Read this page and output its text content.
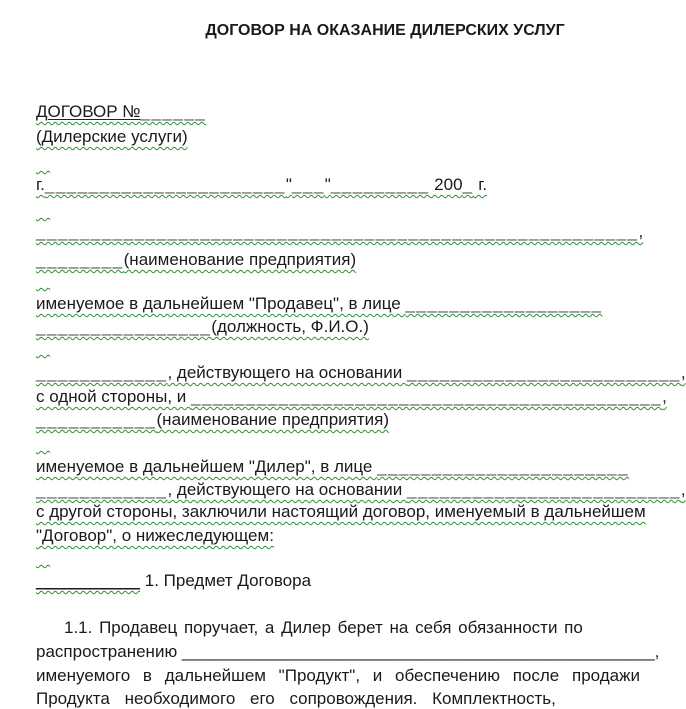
ДОГОВОР НА ОКАЗАНИЕ ДИЛЕРСКИХ УСЛУГ

ДОГОВОР №______

(Дилерские услуги)

г.______________________"___"_________ 200_ г.

_______________________________________________________,

________(наименование предприятия)

именуемое в дальнейшем "Продавец", в лице __________________

________________(должность, Ф.И.О.)

____________, действующего на основании _________________________,

с одной стороны, и ___________________________________________,

___________(наименование предприятия)

именуемое в дальнейшем "Дилер", в лице _______________________

____________, действующего на основании _________________________,

с другой стороны, заключили настоящий договор, именуемый в дальнейшем

"Договор", о нижеследующем:

___________ 1. Предмет Договора

1.1. Продавец поручает, а Дилер берет на себя обязанности по

распространению __________________________________________________,

именуемого в дальнейшем "Продукт", и обеспечению после продажи

Продукта необходимого его сопровождения. Комплектность,
